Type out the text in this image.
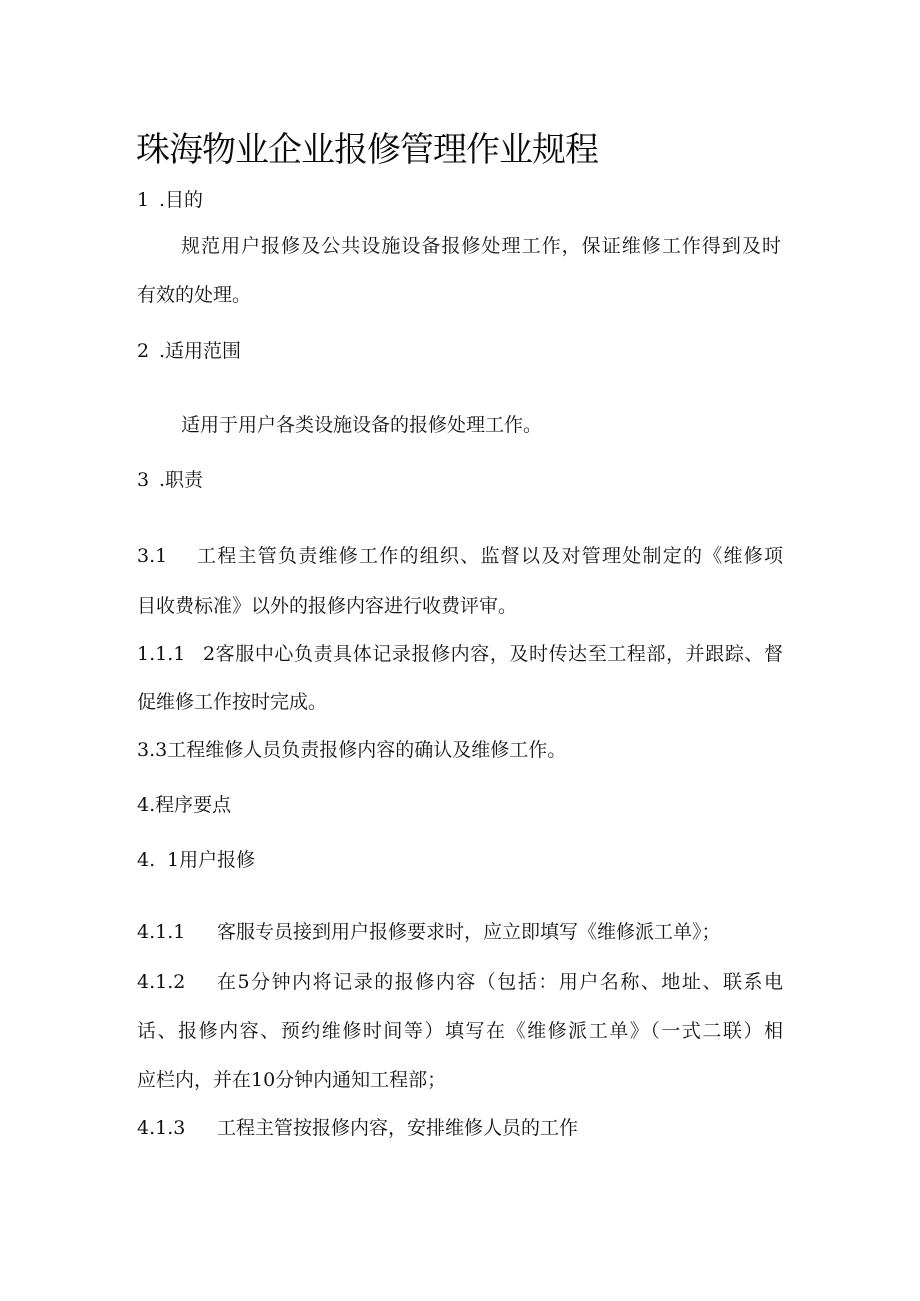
珠海物业企业报修管理作业规程
1 .目的
规范用户报修及公共设施设备报修处理工作，保证维修工作得到及时
有效的处理。
2 .适用范围
适用于用户各类设施设备的报修处理工作。
3 .职责
3.1 工程主管负责维修工作的组织、监督以及对管理处制定的《维修项
目收费标准》以外的报修内容进行收费评审。
1.1.1 2客服中心负责具体记录报修内容，及时传达至工程部，并跟踪、督
促维修工作按时完成。
3.3工程维修人员负责报修内容的确认及维修工作。
4.程序要点
4. 1用户报修
4.1.1 客服专员接到用户报修要求时，应立即填写《维修派工单》；
4.1.2 在5分钟内将记录的报修内容（包括：用户名称、地址、联系电
话、报修内容、预约维修时间等）填写在《维修派工单》（一式二联）相
应栏内，并在10分钟内通知工程部；
4.1.3 工程主管按报修内容，安排维修人员的工作
